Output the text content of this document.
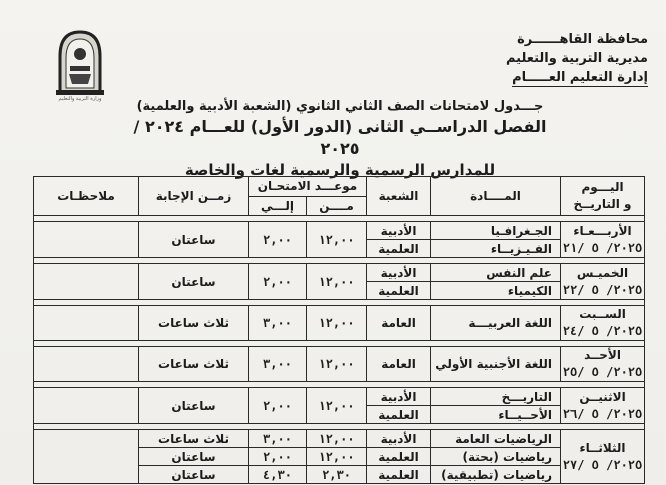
محافظة القاهــــــرة
مديرية التربية والتعليم
إدارة التعليم العـــــام
وزارة التربية والتعليم	جـــدول لامتحانات الصف الثاني الثانوي (الشعبة الأدبية والعلمية)
الفصل الدراســي الثانى (الدور الأول) للعـــام ٢٠٢٤ / ٢٠٢٥
للمدارس الرسمية والرسمية لغات والخاصة
اليـــوم
و التاريــخ	المــــادة	الشعبة	موعـــد الامتحـان		زمــن الإجابة	ملاحظـات
			مــــن	إلـــي		

الأربـــعـاء
٢٠٢٥/ ٥ /٢١	الجـغرافـيا	الأدبية	١٢,٠٠	٢,٠٠	ساعتان	
	الفـيـزيــاء	العلمية				

الخميـس
٢٠٢٥/ ٥ /٢٢	علم النفس	الأدبية	١٢,٠٠	٢,٠٠	ساعتان	
	الكيمياء	العلمية				

الســبت
٢٠٢٥/ ٥ /٢٤	اللغة العربيـــة	العامة	١٢,٠٠	٣,٠٠	ثلاث ساعات	

الأحــد
٢٠٢٥/ ٥ /٢٥	اللغة الأجنبية الأولي	العامة	١٢,٠٠	٣,٠٠	ثلاث ساعات	

الاثنيــن
٢٠٢٥/ ٥ /٢٦	التاريـــخ	الأدبية	١٢,٠٠	٢,٠٠	ساعتان	
	الأحــيــاء	العلمية				

الثلاثــاء
٢٠٢٥/ ٥ /٢٧	الرياضيات العامة	الأدبية	١٢,٠٠	٣,٠٠	ثلاث ساعات	
	رياضيات (بحتة)	العلمية	١٢,٠٠	٢,٠٠	ساعتان	
	رياضيات (تطبيقية)	العلمية	٢,٣٠	٤,٣٠	ساعتان	
